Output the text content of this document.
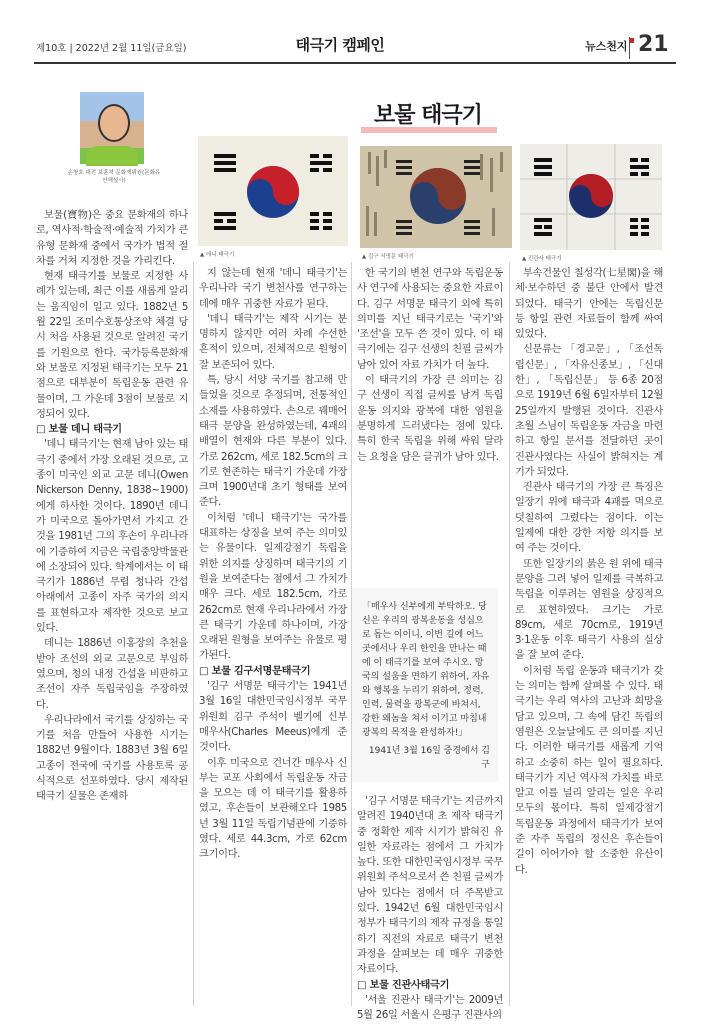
제10호 | 2022년 2월 11일(금요일)	태극기 캠페인	뉴스천지 21
손창호 대전 보훈처 문화재위원(문화유산해설사)
보물 태극기
▲ 데니 태극기	▲ 김구 서명문 태극기	▲ 진관사 태극기

보물(寶物)은 중요 문화재의 하나로, 역사적·학술적·예술적 가치가 큰 유형 문화재 중에서 국가가 법적 절차를 거쳐 지정한 것을 가리킨다.

현재 태극기를 보물로 지정한 사례가 있는데, 최근 이를 새롭게 알리는 움직임이 일고 있다. 1882년 5월 22일 조미수호통상조약 체결 당시 처음 사용된 것으로 알려진 국기를 기원으로 한다. 국가등록문화재와 보물로 지정된 태극기는 모두 21점으로 대부분이 독립운동 관련 유물이며, 그 가운데 3점이 보물로 지정되어 있다.

□ 보물 데니 태극기

'데니 태극기'는 현재 남아 있는 태극기 중에서 가장 오래된 것으로, 고종이 미국인 외교 고문 데니(Owen Nickerson Denny, 1838~1900)에게 하사한 것이다. 1890년 데니가 미국으로 돌아가면서 가지고 간 것을 1981년 그의 후손이 우리나라에 기증하여 지금은 국립중앙박물관에 소장되어 있다. 학계에서는 이 태극기가 1886년 무렵 청나라 간섭 아래에서 고종이 자주 국가의 의지를 표현하고자 제작한 것으로 보고 있다.

데니는 1886년 이홍장의 추천을 받아 조선의 외교 고문으로 부임하였으며, 청의 내정 간섭을 비판하고 조선이 자주 독립국임을 주장하였다.

우리나라에서 국기를 상징하는 국기를 처음 만들어 사용한 시기는 1882년 9월이다. 1883년 3월 6일 고종이 전국에 국기를 사용토록 공식적으로 선포하였다. 당시 제작된 태극기 실물은 존재하

지 않는데 현재 '데니 태극기'는 우리나라 국기 변천사를 연구하는 데에 매우 귀중한 자료가 된다.

'데니 태극기'는 제작 시기는 분명하지 않지만 여러 차례 수선한 흔적이 있으며, 전체적으로 원형이 잘 보존되어 있다.

특, 당시 서양 국기를 참고해 만들었을 것으로 추정되며, 전통적인 소재를 사용하였다. 손으로 꿰매어 태극 문양을 완성하였는데, 4괘의 배열이 현재와 다른 부분이 있다. 가로 262cm, 세로 182.5cm의 크기로 현존하는 태극기 가운데 가장 크며 1900년대 초기 형태를 보여 준다.

이처럼 '데니 태극기'는 국가를 대표하는 상징을 보여 주는 의미있는 유물이다. 일제강점기 독립을 위한 의지를 상징하며 태극기의 기원을 보여준다는 점에서 그 가치가 매우 크다. 세로 182.5cm, 가로 262cm로 현재 우리나라에서 가장 큰 태극기 가운데 하나이며, 가장 오래된 원형을 보여주는 유물로 평가된다.

□ 보물 김구서명문태극기

'김구 서명문 태극기'는 1941년 3월 16일 대한민국임시정부 국무위원회 김구 주석이 벨기에 신부 매우사(Charles Meeus)에게 준 것이다.

이후 미국으로 건너간 매우사 신부는 교포 사회에서 독립운동 자금을 모으는 데 이 태극기를 활용하였고, 후손들이 보관해오다 1985년 3월 11일 독립기념관에 기증하였다. 세로 44.3cm, 가로 62cm 크기이다.

한 국기의 변천 연구와 독립운동사 연구에 사용되는 중요한 자료이다. 김구 서명문 태극기 외에 특히 의미를 지닌 태극기로는 '국기'와 '조선'을 모두 쓴 것이 있다. 이 태극기에는 김구 선생의 친필 글씨가 남아 있어 자료 가치가 더 높다.

이 태극기의 가장 큰 의미는 김구 선생이 직접 글씨를 남겨 독립운동 의지와 광복에 대한 염원을 분명하게 드러냈다는 점에 있다. 특히 한국 독립을 위해 싸워 달라는 요청을 담은 글귀가 남아 있다.

「매우사 신부에게 부탁하오. 당신은 우리의 광복운동을 성심으로 돕는 이이니, 이번 길에 어느 곳에서나 우리 한인을 만나는 때에 이 태극기를 보여 주시오. 망국의 설움을 면하기 위하여, 자유와 행복을 누리기 위하여, 정력, 인력, 물력을 광복군에 바쳐서, 강한 왜놈을 쳐서 이기고 마침내 광복의 목적을 완성하자!」
1941년 3월 16일 중경에서 김구

'김구 서명문 태극기'는 지금까지 알려진 1940년대 초 제작 태극기 중 정확한 제작 시기가 밝혀진 유일한 자료라는 점에서 그 가치가 높다. 또한 대한민국임시정부 국무위원회 주석으로서 쓴 친필 글씨가 남아 있다는 점에서 더 주목받고 있다. 1942년 6월 대한민국임시정부가 태극기의 제작 규정을 통일하기 직전의 자료로 태극기 변천 과정을 살펴보는 데 매우 귀중한 자료이다.

□ 보물 진관사태극기

'서울 진관사 태극기'는 2009년 5월 26일 서울시 은평구 진관사의

부속건물인 칠성각(七星閣)을 해체·보수하던 중 불단 안에서 발견되었다. 태극기 안에는 독립신문 등 항일 관련 자료들이 함께 싸여 있었다.

신문류는 「경고문」, 「조선독립신문」, 「자유신종보」, 「신대한」, 「독립신문」 등 6종 20점으로 1919년 6월 6일자부터 12월 25일까지 발행된 것이다. 진관사 초월 스님이 독립운동 자금을 마련하고 항일 문서를 전달하던 곳이 진관사였다는 사실이 밝혀지는 계기가 되었다.

진관사 태극기의 가장 큰 특징은 일장기 위에 태극과 4괘를 먹으로 덧칠하여 그렸다는 점이다. 이는 일제에 대한 강한 저항 의지를 보여 주는 것이다.

또한 일장기의 붉은 원 위에 태극 문양을 그려 넣어 일제를 극복하고 독립을 이루려는 염원을 상징적으로 표현하였다. 크기는 가로 89cm, 세로 70cm로, 1919년 3·1운동 이후 태극기 사용의 실상을 잘 보여 준다.

이처럼 독립 운동과 태극기가 갖는 의미는 함께 살펴볼 수 있다. 태극기는 우리 역사의 고난과 희망을 담고 있으며, 그 속에 담긴 독립의 염원은 오늘날에도 큰 의미를 지닌다. 이러한 태극기를 새롭게 기억하고 소중히 하는 일이 필요하다. 태극기가 지닌 역사적 가치를 바로 알고 이를 널리 알리는 일은 우리 모두의 몫이다. 특히 일제강점기 독립운동 과정에서 태극기가 보여 준 자주 독립의 정신은 후손들이 길이 이어가야 할 소중한 유산이다.
